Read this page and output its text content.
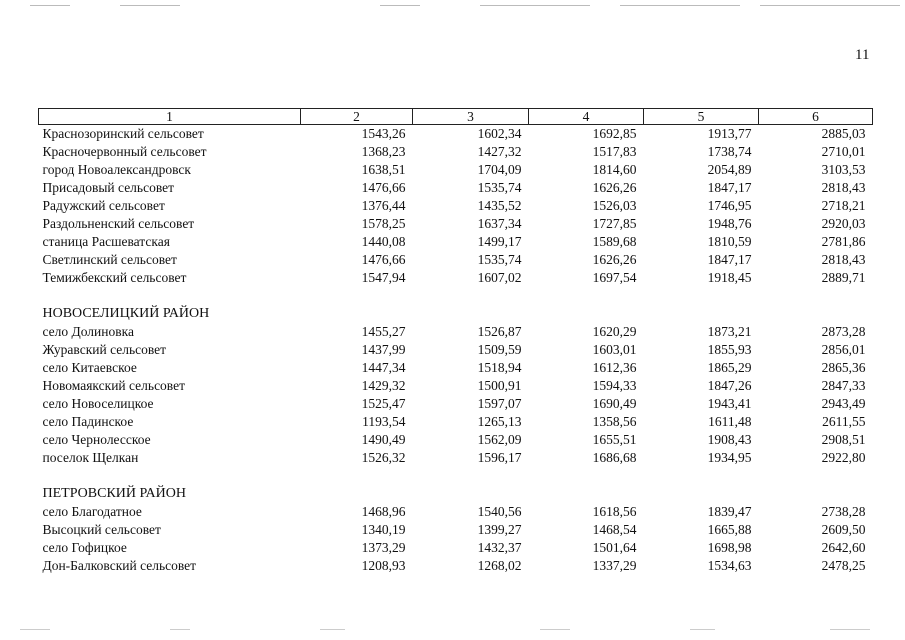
11
1	2	3	4	5	6
Краснозоринский сельсовет	1543,26	1602,34	1692,85	1913,77	2885,03
Красночервонный сельсовет	1368,23	1427,32	1517,83	1738,74	2710,01
город Новоалександровск	1638,51	1704,09	1814,60	2054,89	3103,53
Присадовый сельсовет	1476,66	1535,74	1626,26	1847,17	2818,43
Радужский сельсовет	1376,44	1435,52	1526,03	1746,95	2718,21
Раздольненский сельсовет	1578,25	1637,34	1727,85	1948,76	2920,03
станица Расшеватская	1440,08	1499,17	1589,68	1810,59	2781,86
Светлинский сельсовет	1476,66	1535,74	1626,26	1847,17	2818,43
Темижбекский сельсовет	1547,94	1607,02	1697,54	1918,45	2889,71

НОВОСЕЛИЦКИЙ РАЙОН					
село Долиновка	1455,27	1526,87	1620,29	1873,21	2873,28
Журавский сельсовет	1437,99	1509,59	1603,01	1855,93	2856,01
село Китаевское	1447,34	1518,94	1612,36	1865,29	2865,36
Новомаякский сельсовет	1429,32	1500,91	1594,33	1847,26	2847,33
село Новоселицкое	1525,47	1597,07	1690,49	1943,41	2943,49
село Падинское	1193,54	1265,13	1358,56	1611,48	2611,55
село Чернолесское	1490,49	1562,09	1655,51	1908,43	2908,51
поселок Щелкан	1526,32	1596,17	1686,68	1934,95	2922,80

ПЕТРОВСКИЙ РАЙОН					
село Благодатное	1468,96	1540,56	1618,56	1839,47	2738,28
Высоцкий сельсовет	1340,19	1399,27	1468,54	1665,88	2609,50
село Гофицкое	1373,29	1432,37	1501,64	1698,98	2642,60
Дон-Балковский сельсовет	1208,93	1268,02	1337,29	1534,63	2478,25
